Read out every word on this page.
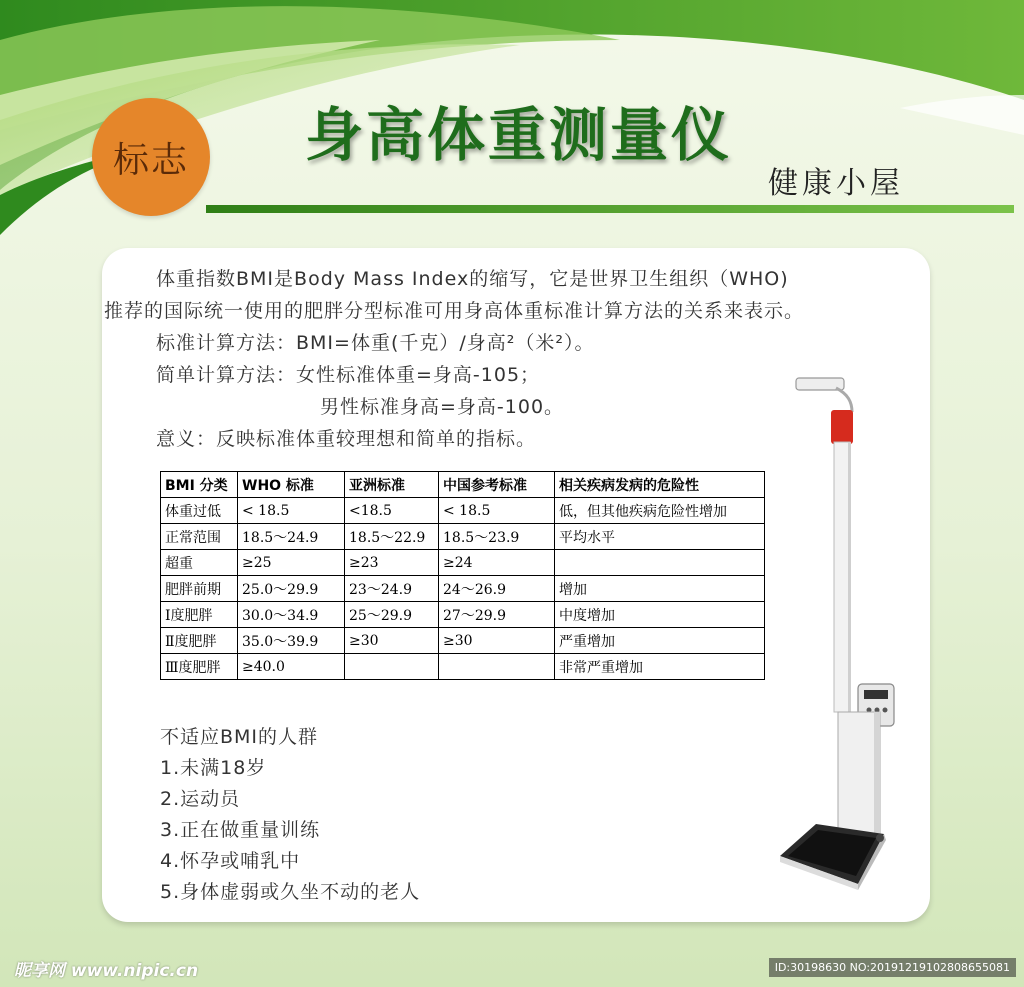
标志 身高体重测量仪
健康小屋

体重指数BMI是Body Mass Index的缩写，它是世界卫生组织（WHO)

推荐的国际统一使用的肥胖分型标准可用身高体重标准计算方法的关系来表示。

标准计算方法：BMI=体重(千克）/身高²（米²）。

简单计算方法：女性标准体重=身高-105；

男性标准身高=身高-100。

意义：反映标准体重较理想和简单的指标。

BMI 分类	WHO 标准	亚洲标准	中国参考标准	相关疾病发病的危险性
体重过低	< 18.5	<18.5	< 18.5	低，但其他疾病危险性增加
正常范围	18.5～24.9	18.5～22.9	18.5～23.9	平均水平
超重	≥25	≥23	≥24	
肥胖前期	25.0～29.9	23～24.9	24～26.9	增加
Ⅰ度肥胖	30.0～34.9	25～29.9	27～29.9	中度增加
Ⅱ度肥胖	35.0～39.9	≥30	≥30	严重增加
Ⅲ度肥胖	≥40.0			非常严重增加
不适应BMI的人群
1.未满18岁
2.运动员
3.正在做重量训练
4.怀孕或哺乳中
5.身体虚弱或久坐不动的老人
昵享网 www.nipic.cn	ID:30198630 NO:20191219102808655081
